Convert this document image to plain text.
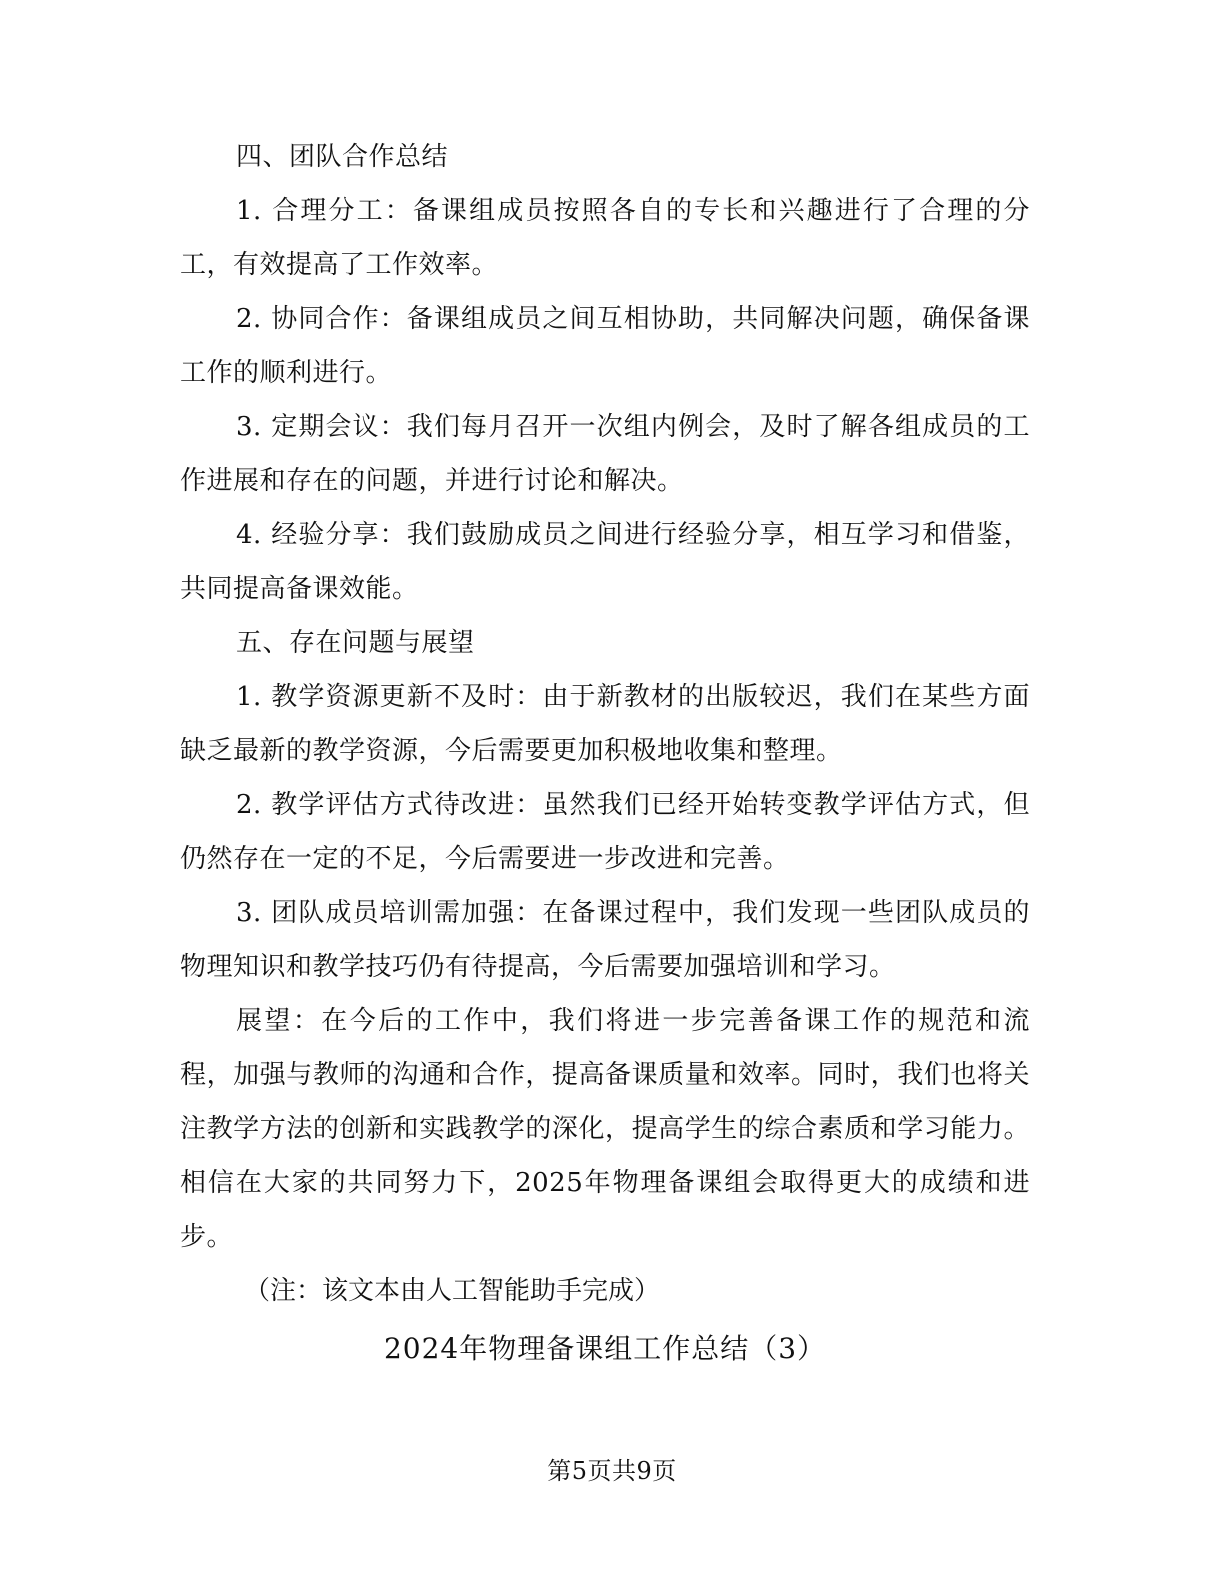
四、团队合作总结

1. 合理分工：备课组成员按照各自的专长和兴趣进行了合理的分工，有效提高了工作效率。

2. 协同合作：备课组成员之间互相协助，共同解决问题，确保备课工作的顺利进行。

3. 定期会议：我们每月召开一次组内例会，及时了解各组成员的工作进展和存在的问题，并进行讨论和解决。

4. 经验分享：我们鼓励成员之间进行经验分享，相互学习和借鉴，共同提高备课效能。

五、存在问题与展望

1. 教学资源更新不及时：由于新教材的出版较迟，我们在某些方面缺乏最新的教学资源，今后需要更加积极地收集和整理。

2. 教学评估方式待改进：虽然我们已经开始转变教学评估方式，但仍然存在一定的不足，今后需要进一步改进和完善。

3. 团队成员培训需加强：在备课过程中，我们发现一些团队成员的物理知识和教学技巧仍有待提高，今后需要加强培训和学习。

展望：在今后的工作中，我们将进一步完善备课工作的规范和流程，加强与教师的沟通和合作，提高备课质量和效率。同时，我们也将关注教学方法的创新和实践教学的深化，提高学生的综合素质和学习能力。相信在大家的共同努力下，2025年物理备课组会取得更大的成绩和进步。

（注：该文本由人工智能助手完成）

2024年物理备课组工作总结（3）

第5页共9页
